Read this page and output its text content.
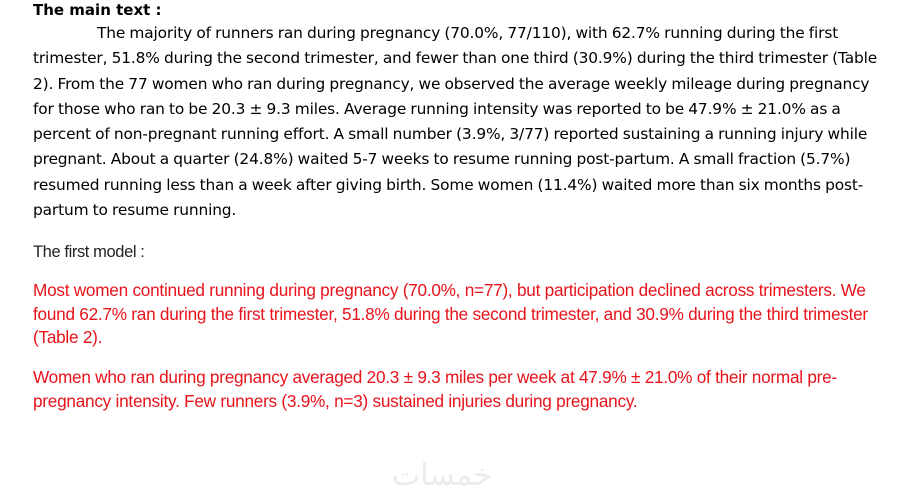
The main text :
The majority of runners ran during pregnancy (70.0%, 77/110), with 62.7% running during the first trimester, 51.8% during the second trimester, and fewer than one third (30.9%) during the third trimester (Table 2). From the 77 women who ran during pregnancy, we observed the average weekly mileage during pregnancy for those who ran to be 20.3 ± 9.3 miles. Average running intensity was reported to be 47.9% ± 21.0% as a percent of non-pregnant running effort. A small number (3.9%, 3/77) reported sustaining a running injury while pregnant. About a quarter (24.8%) waited 5-7 weeks to resume running post-partum. A small fraction (5.7%) resumed running less than a week after giving birth. Some women (11.4%) waited more than six months post-partum to resume running.
The first model :
Most women continued running during pregnancy (70.0%, n=77), but participation declined across trimesters. We found 62.7% ran during the first trimester, 51.8% during the second trimester, and 30.9% during the third trimester (Table 2).
Women who ran during pregnancy averaged 20.3 ± 9.3 miles per week at 47.9% ± 21.0% of their normal pre-pregnancy intensity. Few runners (3.9%, n=3) sustained injuries during pregnancy.
خمسات
